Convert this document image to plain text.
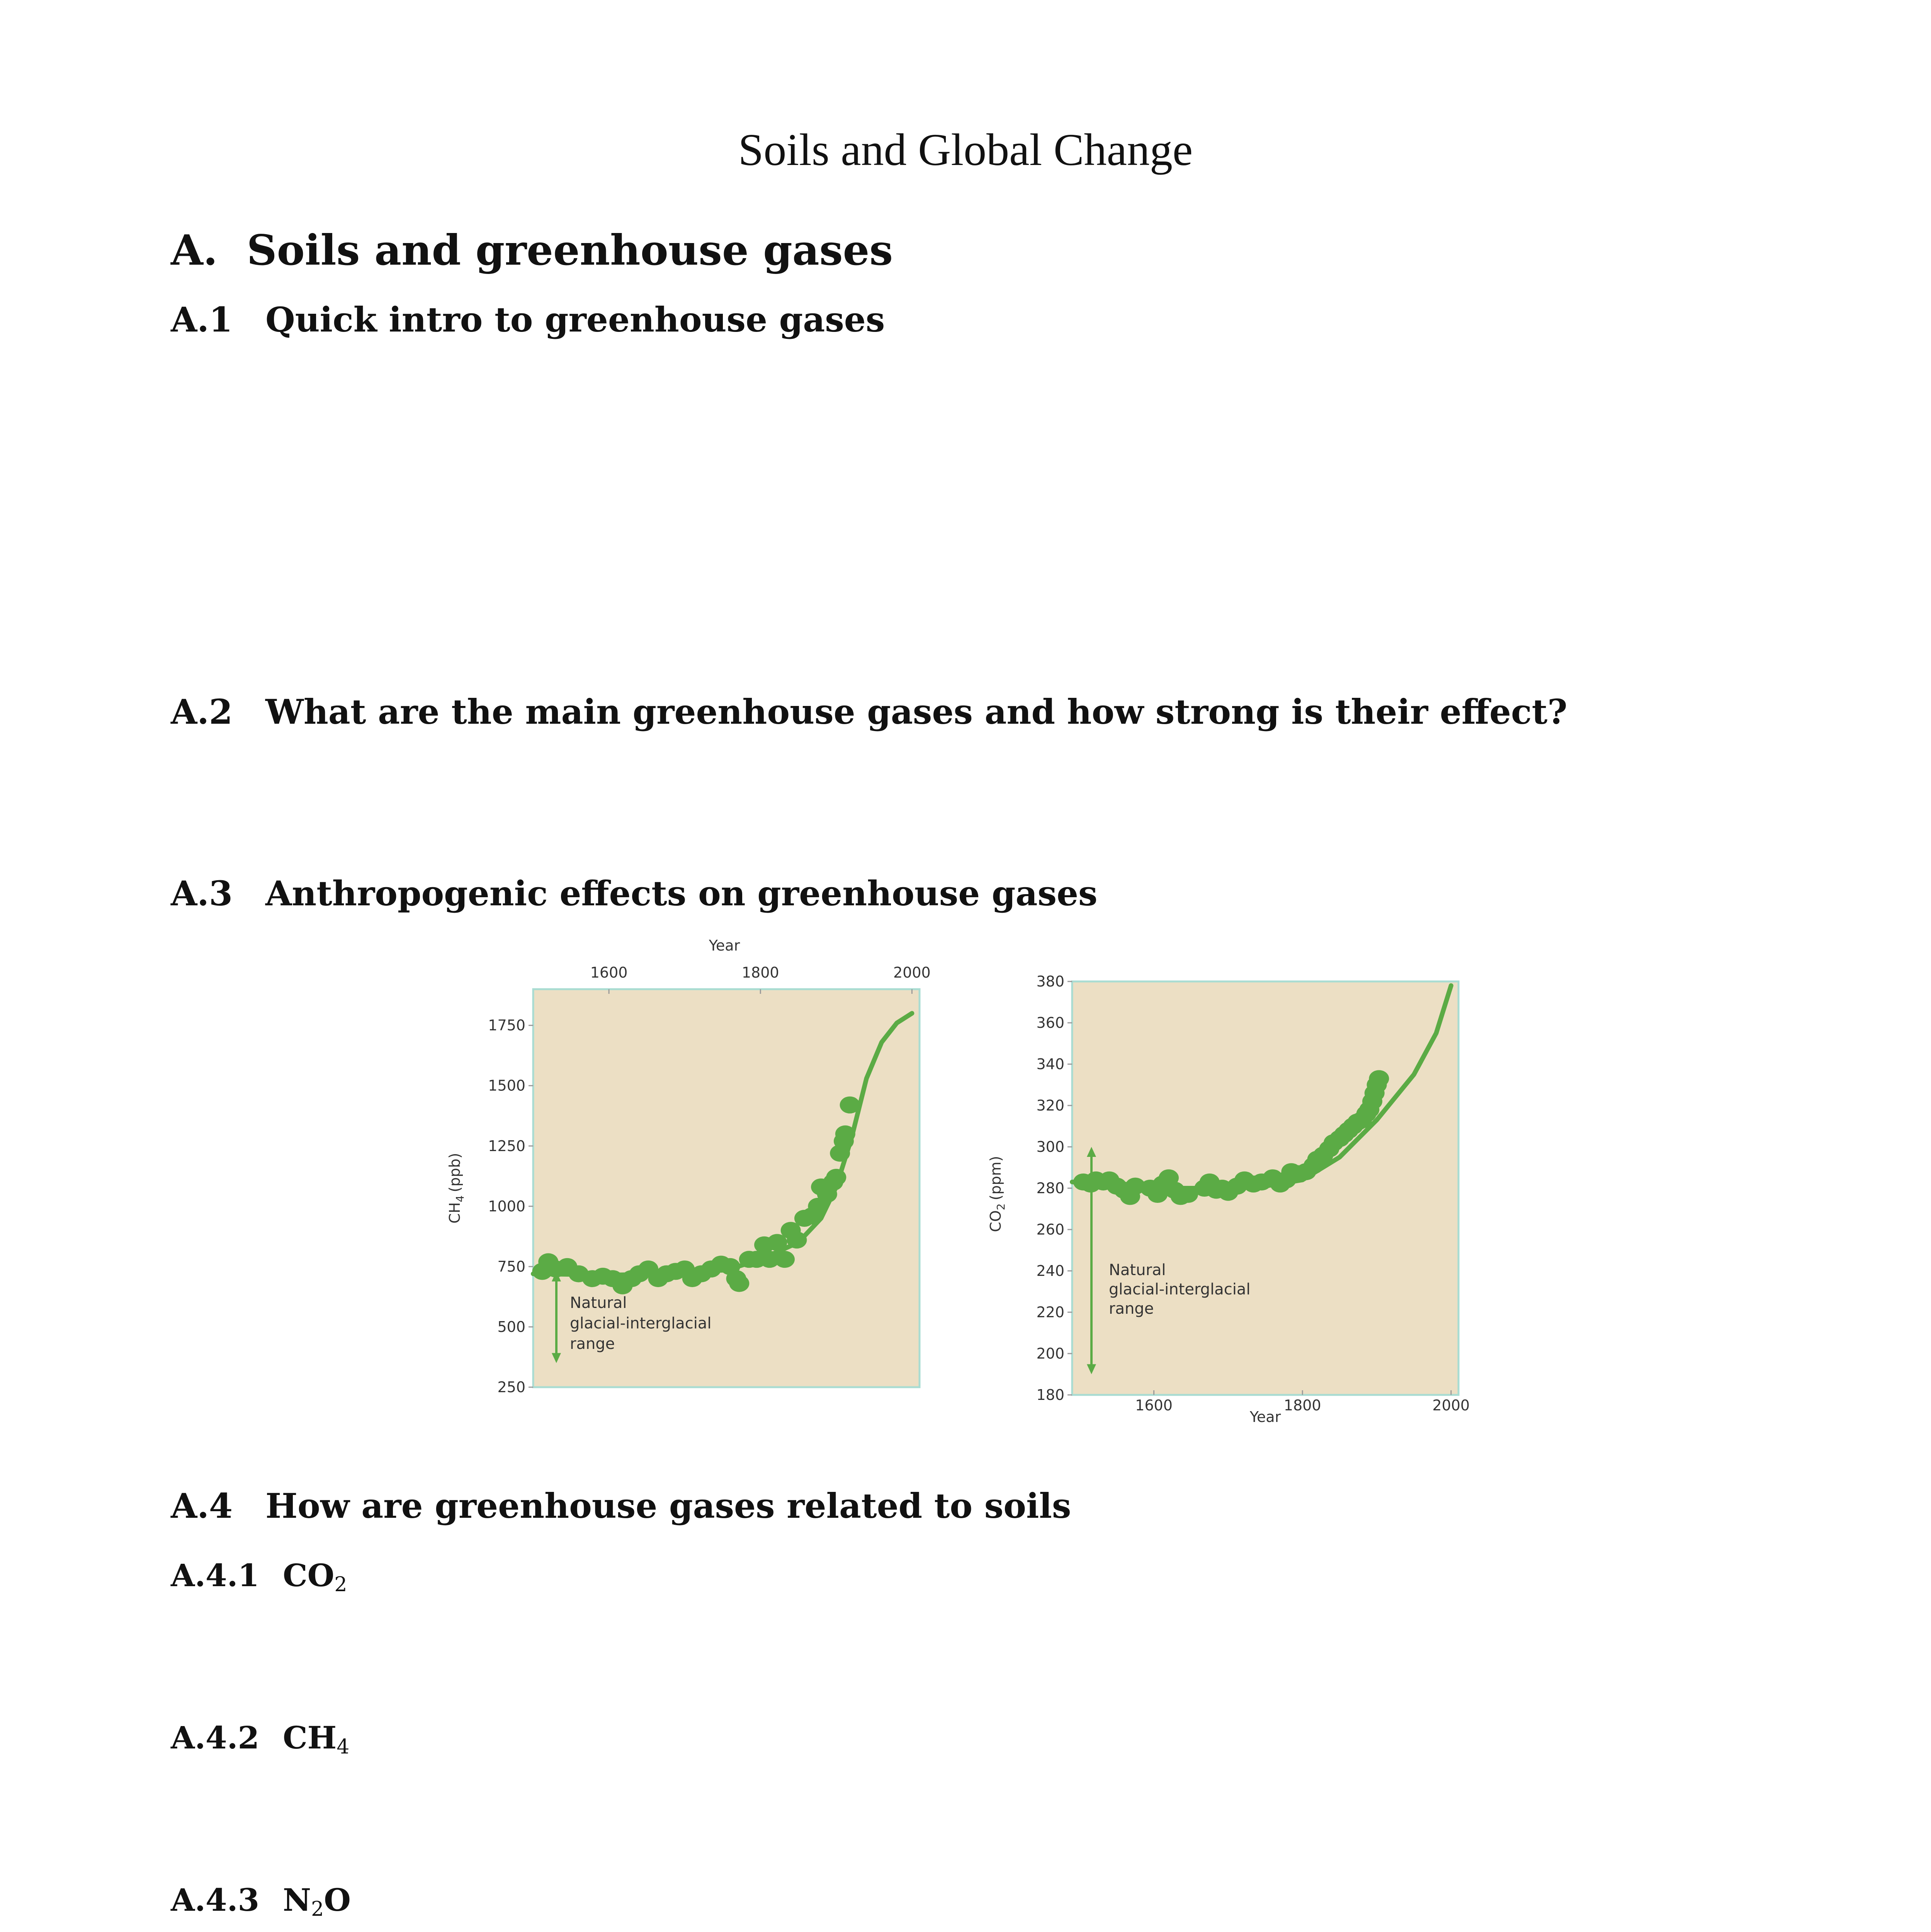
Soils and Global Change
A. Soils and greenhouse gases
A.1 Quick intro to greenhouse gases
A.2 What are the main greenhouse gases and how strong is their effect?
A.3 Anthropogenic effects on greenhouse gases
1600	1800	2000
250
500
750
1000
1250
1500
1750
Year
$CH_4(ppb)$
Natural glacial-interglacial range
1600	1800	2000
180
200
220
240
260
280
300
320
340
360
380
Year
$CO_2(ppm)$
Natural glacial-interglacial range
A.4 How are greenhouse gases related to soils
A.4.1 $CO_2$
A.4.2 $CH_4$
A.4.3 $N_2O$
